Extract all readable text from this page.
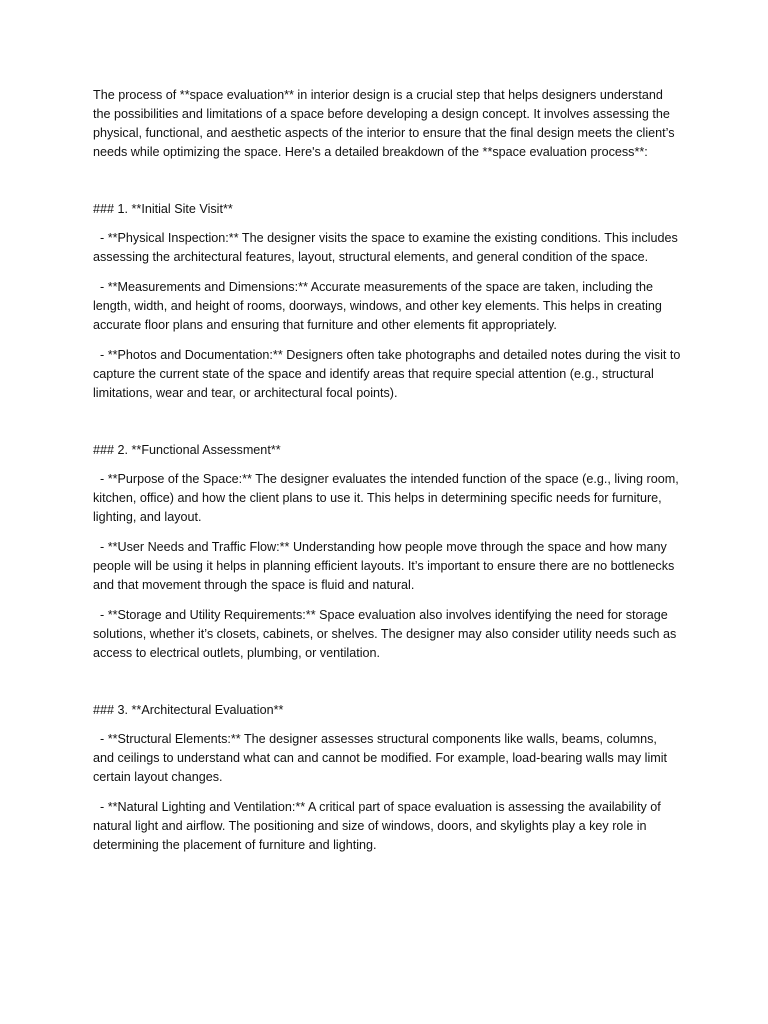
The process of **space evaluation** in interior design is a crucial step that helps designers understand the possibilities and limitations of a space before developing a design concept. It involves assessing the physical, functional, and aesthetic aspects of the interior to ensure that the final design meets the client’s needs while optimizing the space. Here's a detailed breakdown of the **space evaluation process**:

### 1. **Initial Site Visit**

- **Physical Inspection:** The designer visits the space to examine the existing conditions. This includes assessing the architectural features, layout, structural elements, and general condition of the space.

- **Measurements and Dimensions:** Accurate measurements of the space are taken, including the length, width, and height of rooms, doorways, windows, and other key elements. This helps in creating accurate floor plans and ensuring that furniture and other elements fit appropriately.

- **Photos and Documentation:** Designers often take photographs and detailed notes during the visit to capture the current state of the space and identify areas that require special attention (e.g., structural limitations, wear and tear, or architectural focal points).

### 2. **Functional Assessment**

- **Purpose of the Space:** The designer evaluates the intended function of the space (e.g., living room, kitchen, office) and how the client plans to use it. This helps in determining specific needs for furniture, lighting, and layout.

- **User Needs and Traffic Flow:** Understanding how people move through the space and how many people will be using it helps in planning efficient layouts. It’s important to ensure there are no bottlenecks and that movement through the space is fluid and natural.

- **Storage and Utility Requirements:** Space evaluation also involves identifying the need for storage solutions, whether it’s closets, cabinets, or shelves. The designer may also consider utility needs such as access to electrical outlets, plumbing, or ventilation.

### 3. **Architectural Evaluation**

- **Structural Elements:** The designer assesses structural components like walls, beams, columns, and ceilings to understand what can and cannot be modified. For example, load-bearing walls may limit certain layout changes.

- **Natural Lighting and Ventilation:** A critical part of space evaluation is assessing the availability of natural light and airflow. The positioning and size of windows, doors, and skylights play a key role in determining the placement of furniture and lighting.
